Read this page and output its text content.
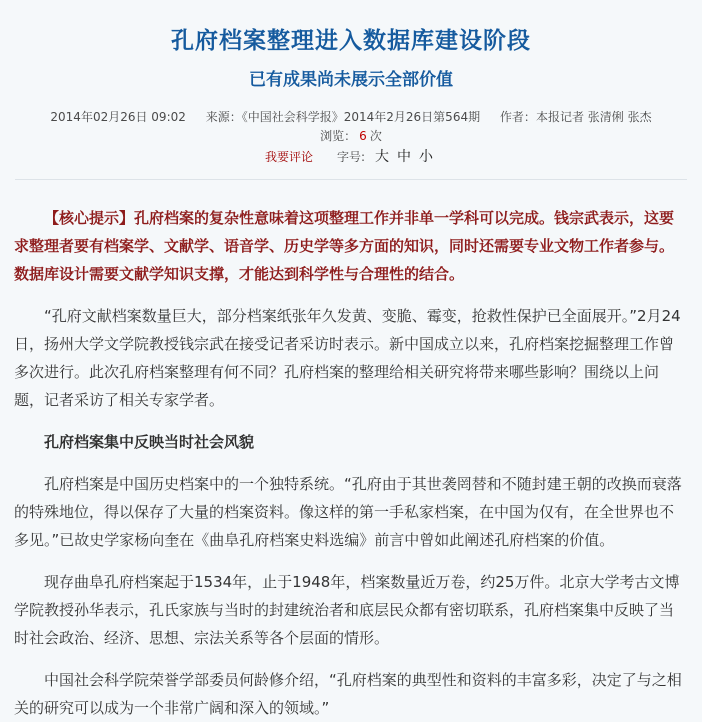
孔府档案整理进入数据库建设阶段
已有成果尚未展示全部价值
2014年02月26日 09:02 来源：《中国社会科学报》2014年2月26日第564期 作者：本报记者 张清俐 张杰 浏览： 6 次
我要评论 字号: 大 中 小

【核心提示】孔府档案的复杂性意味着这项整理工作并非单一学科可以完成。钱宗武表示，这要求整理者要有档案学、文献学、语音学、历史学等多方面的知识，同时还需要专业文物工作者参与。数据库设计需要文献学知识支撑，才能达到科学性与合理性的结合。

“孔府文献档案数量巨大，部分档案纸张年久发黄、变脆、霉变，抢救性保护已全面展开。”2月24日，扬州大学文学院教授钱宗武在接受记者采访时表示。新中国成立以来，孔府档案挖掘整理工作曾多次进行。此次孔府档案整理有何不同？孔府档案的整理给相关研究将带来哪些影响？围绕以上问题，记者采访了相关专家学者。

孔府档案集中反映当时社会风貌

孔府档案是中国历史档案中的一个独特系统。“孔府由于其世袭罔替和不随封建王朝的改换而衰落的特殊地位，得以保存了大量的档案资料。像这样的第一手私家档案，在中国为仅有，在全世界也不多见。”已故史学家杨向奎在《曲阜孔府档案史料选编》前言中曾如此阐述孔府档案的价值。

现存曲阜孔府档案起于1534年，止于1948年，档案数量近万卷，约25万件。北京大学考古文博学院教授孙华表示，孔氏家族与当时的封建统治者和底层民众都有密切联系，孔府档案集中反映了当时社会政治、经济、思想、宗法关系等各个层面的情形。

中国社会科学院荣誉学部委员何龄修介绍，“孔府档案的典型性和资料的丰富多彩，决定了与之相关的研究可以成为一个非常广阔和深入的领域。”
